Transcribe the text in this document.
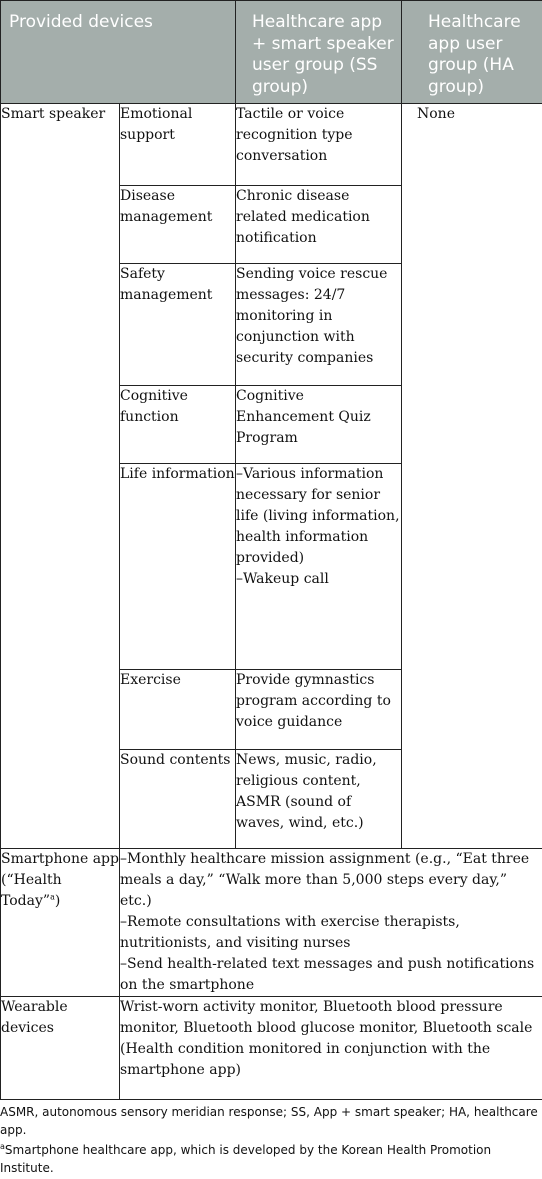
Provided devices		Healthcare app + smart speaker user group (SS group)	Healthcare app user group (HA group)
Smart speaker	Emotional support	Tactile or voice recognition type conversation	None
	Disease management	Chronic disease related medication notification	
	Safety management	Sending voice rescue messages: 24/7 monitoring in conjunction with security companies	
	Cognitive function	Cognitive Enhancement Quiz Program	
	Life information	–Various information necessary for senior life (living information, health information provided)
–Wakeup call	

	Exercise	Provide gymnastics program according to voice guidance	
	Sound contents	News, music, radio, religious content, ASMR (sound of waves, wind, etc.)	
Smartphone app (“Health Today”$^a$)	–Monthly healthcare mission assignment (e.g., “Eat three meals a day,” “Walk more than 5,000 steps every day,” etc.)
–Remote consultations with exercise therapists, nutritionists, and visiting nurses
–Send health-related text messages and push notifications on the smartphone		

Wearable devices	Wrist-worn activity monitor, Bluetooth blood pressure monitor, Bluetooth blood glucose monitor, Bluetooth scale (Health condition monitored in conjunction with the smartphone app)		
ASMR, autonomous sensory meridian response; SS, App + smart speaker; HA, healthcare app.
$^a$Smartphone healthcare app, which is developed by the Korean Health Promotion Institute.
